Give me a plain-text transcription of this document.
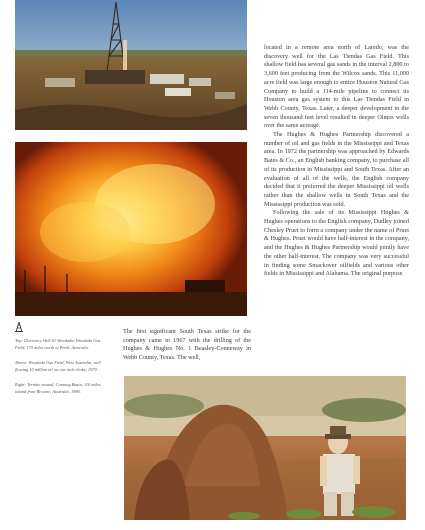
located in a remote area north of Laredo, was the discovery well for the Las Tiendas Gas Field. This shallow field has several gas sands in the interval 2,800 to 3,600 feet producing from the Wilcox sands. This 11,000 acre field was large enough to entice Houston Natural Gas Company to build a 114-mile pipeline to connect its Houston area gas system to this Las Tiendas Field in Webb County, Texas. Later, a deeper development in the seven thousand feet level resulted in deeper Olmos wells over the same acreage.

The Hughes & Hughes Partnership discovered a number of oil and gas fields in the Mississippi and Texas area. In 1972 the partnership was approached by Edwards Bates & Co., an English banking company, to purchase all of its production in Mississippi and South Texas. After an evaluation of all of the wells, the English company decided that it preferred the deeper Mississippi oil wells rather than the shallow wells in South Texas and the Mississippi production was sold.

Following the sale of its Mississippi Hughes & Hughes operations to the English company, Dudley joined Chesley Pruet to form a company under the name of Pruet & Hughes. Pruet would have half-interest in the company, and the Hughes & Hughes Partnership would jointly have the other half-interest. The company was very successful in finding some Smackover oilfields and various other fields in Mississippi and Alabama. The original purpose

The first significant South Texas strike for the company came in 1967 with the drilling of the Hughes & Hughes No. 1 Beasley-Conneway in Webb County, Texas. The well,

Top: Discovery Well #1 Woodada, Woodada Gas Field, 175 miles north of Perth, Australia.

Above: Woodada Gas Field, West Australia, well flowing 10 million m³ on one inch choke, 1979.

Right: Termite mound, Canning Basin, 110 miles inland from Broome, Australia, 1980.
